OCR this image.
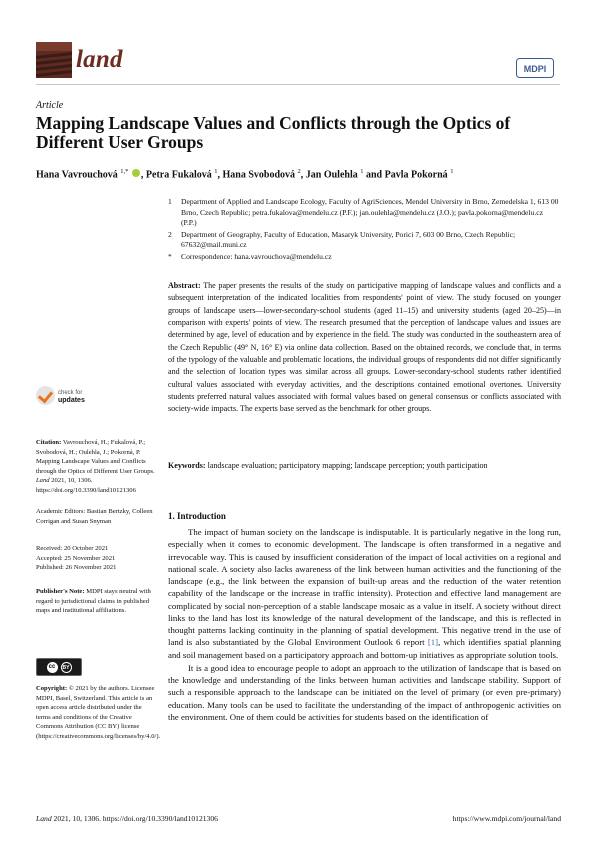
land	MDPI
Article
Mapping Landscape Values and Conflicts through the Optics of Different User Groups
Hana Vavrouchová $^{1,*}$ , Petra Fukalová $^1$, Hana Svobodová $^2$, Jan Oulehla $^1$ and Pavla Pokorná $^1$
1	Department of Applied and Landscape Ecology, Faculty of AgriSciences, Mendel University in Brno, Zemedelska 1, 613 00 Brno, Czech Republic; petra.fukalova@mendelu.cz (P.F.); jan.oulehla@mendelu.cz (J.O.); pavla.pokorna@mendelu.cz (P.P.)
2	Department of Geography, Faculty of Education, Masaryk University, Porici 7, 603 00 Brno, Czech Republic; 67632@mail.muni.cz
*	Correspondence: hana.vavrouchova@mendelu.cz
Abstract: The paper presents the results of the study on participative mapping of landscape values and conflicts and a subsequent interpretation of the indicated localities from respondents' point of view. The study focused on younger groups of landscape users—lower-secondary-school students (aged 11–15) and university students (aged 20–25)—in comparison with experts' points of view. The research presumed that the perception of landscape values and issues are determined by age, level of education and by experience in the field. The study was conducted in the southeastern area of the Czech Republic (49° N, 16° E) via online data collection. Based on the obtained records, we conclude that, in terms of the typology of the valuable and problematic locations, the individual groups of respondents did not differ significantly and the selection of location types was similar across all groups. Lower-secondary-school students rather identified cultural values associated with everyday activities, and the descriptions contained emotional overtones. University students preferred natural values associated with formal values based on general consensus or conflicts associated with society-wide impacts. The experts base served as the benchmark for other groups.
Keywords: landscape evaluation; participatory mapping; landscape perception; youth participation
check for
updates
Citation: Vavrouchová, H.; Fukalová, P.; Svobodová, H.; Oulehla, J.; Pokorná, P. Mapping Landscape Values and Conflicts through the Optics of Different User Groups. Land 2021, 10, 1306. https://doi.org/10.3390/land10121306
Academic Editors: Bastian Bertzky, Colleen Corrigan and Susan Snyman
Received: 20 October 2021
Accepted: 25 November 2021
Published: 26 November 2021
Publisher's Note: MDPI stays neutral with regard to jurisdictional claims in published maps and institutional affiliations.
cc	BY
Copyright: © 2021 by the authors. Licensee MDPI, Basel, Switzerland. This article is an open access article distributed under the terms and conditions of the Creative Commons Attribution (CC BY) license (https://creativecommons.org/licenses/by/4.0/).
1. Introduction

The impact of human society on the landscape is indisputable. It is particularly negative in the long run, especially when it comes to economic development. The landscape is often transformed in a negative and irrevocable way. This is caused by insufficient consideration of the impact of local activities on a regional and national scale. A society also lacks awareness of the link between human activities and the functioning of the landscape (e.g., the link between the expansion of built-up areas and the reduction of the water retention capability of the landscape or the increase in traffic intensity). Protection and effective land management are complicated by social non-perception of a stable landscape mosaic as a value in itself. A society without direct links to the land has lost its knowledge of the natural development of the landscape, and this is reflected in thought patterns lacking continuity in the planning of spatial development. This negative trend in the use of land is also substantiated by the Global Environment Outlook 6 report [1], which identifies spatial planning and soil management based on a participatory approach and bottom-up initiatives as appropriate solution tools.

It is a good idea to encourage people to adopt an approach to the utilization of landscape that is based on the knowledge and understanding of the links between human activities and landscape stability. Support of such a responsible approach to the landscape can be initiated on the level of primary (or even pre-primary) education. Many tools can be used to facilitate the understanding of the impact of anthropogenic activities on the environment. One of them could be activities for students based on the identification of

Land 2021, 10, 1306. https://doi.org/10.3390/land10121306	https://www.mdpi.com/journal/land
